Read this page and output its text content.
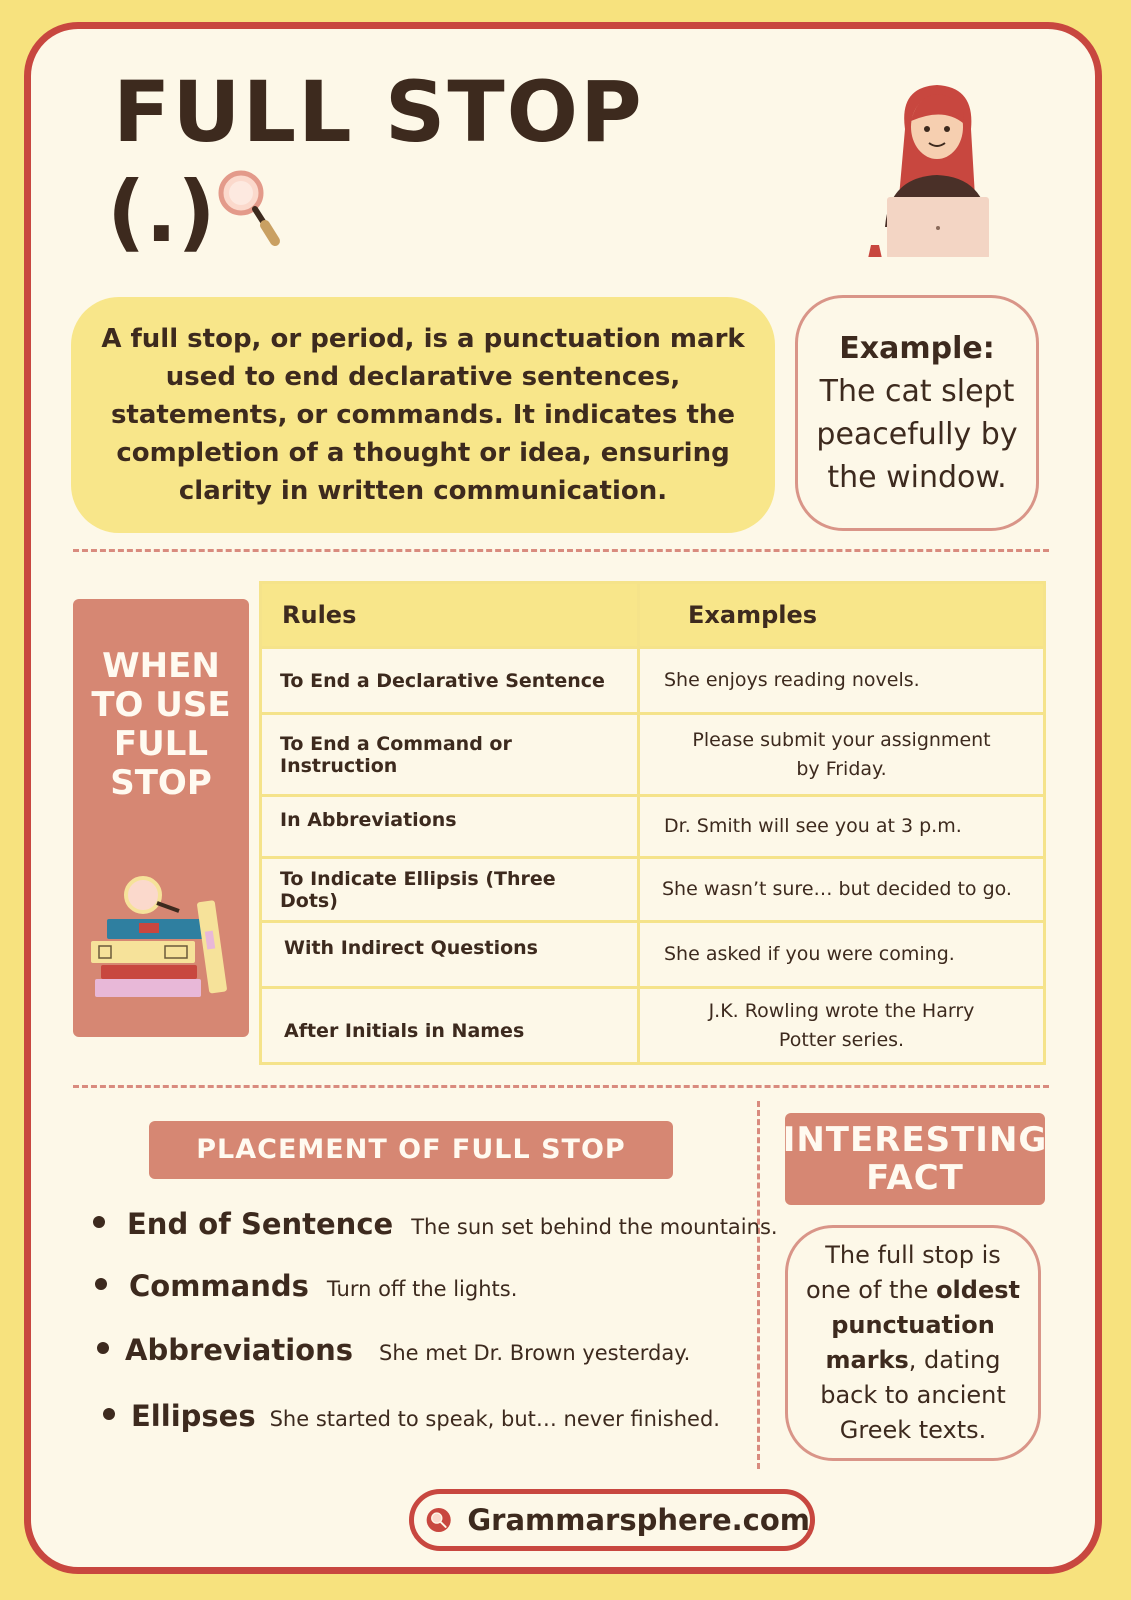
FULL STOP
(.)
A full stop, or period, is a punctuation mark used to end declarative sentences, statements, or commands. It indicates the completion of a thought or idea, ensuring clarity in written communication.
Example:
The cat slept peacefully by the window.
WHEN
TO USE
FULL
STOP
Rules	Examples
To End a Declarative Sentence	She enjoys reading novels.
To End a Command or Instruction	Please submit your assignment
by Friday.

In Abbreviations	Dr. Smith will see you at 3 p.m.
To Indicate Ellipsis (Three Dots)	She wasn’t sure… but decided to go.
With Indirect Questions	She asked if you were coming.
After Initials in Names	J.K. Rowling wrote the Harry
Potter series.
PLACEMENT OF FULL STOP
End of Sentence The sun set behind the mountains.
Commands Turn off the lights.
Abbreviations She met Dr. Brown yesterday.
Ellipses She started to speak, but… never finished.
INTERESTING
FACT
The full stop is one of the oldest punctuation marks, dating back to ancient Greek texts.
Grammarsphere.com
